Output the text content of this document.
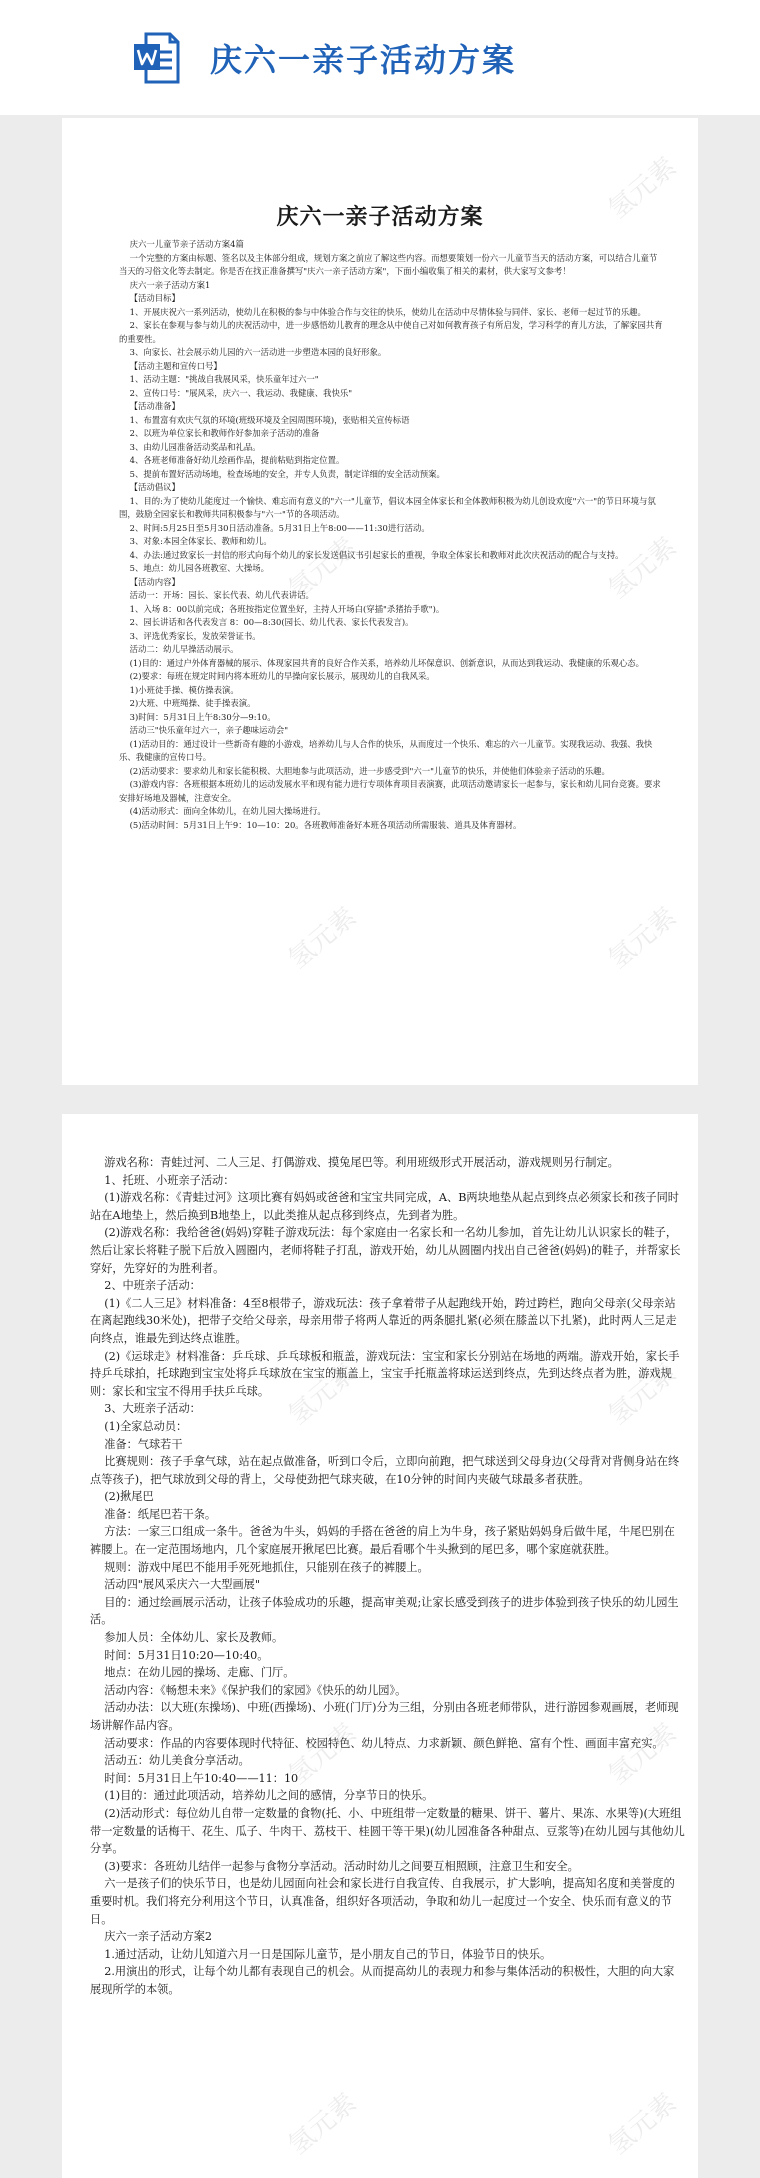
庆六一亲子活动方案
庆六一亲子活动方案

庆六一儿童节亲子活动方案4篇

一个完整的方案由标题、签名以及主体部分组成，规划方案之前应了解这些内容。而想要策划一份六一儿童节当天的活动方案，可以结合儿童节当天的习俗文化等去制定。你是否在找正准备撰写"庆六一亲子活动方案"，下面小编收集了相关的素材，供大家写文参考！

庆六一亲子活动方案1

【活动目标】

1、开展庆祝六一系列活动，使幼儿在积极的参与中体验合作与交往的快乐，使幼儿在活动中尽情体验与同伴、家长、老师一起过节的乐趣。

2、家长在参观与参与幼儿的庆祝活动中，进一步感悟幼儿教育的理念从中使自己对如何教育孩子有所启发，学习科学的育儿方法，了解家园共育的重要性。

3、向家长、社会展示幼儿园的六一活动进一步塑造本园的良好形象。

【活动主题和宣传口号】

1、活动主题："挑战自我展风采，快乐童年过六一"

2、宣传口号："展风采，庆六一、我运动、我健康、我快乐"

【活动准备】

1、布置富有欢庆气氛的环境(班级环境及全园周围环境)，张贴相关宣传标语

2、以班为单位家长和教师作好参加亲子活动的准备

3、由幼儿园准备活动奖品和礼品。

4、各班老师准备好幼儿绘画作品，提前粘贴到指定位置。

5、提前布置好活动场地，检查场地的安全，并专人负责，制定详细的安全活动预案。

【活动倡议】

1、目的:为了使幼儿能度过一个愉快、难忘而有意义的"六一"儿童节，倡议本园全体家长和全体教师积极为幼儿创设欢度"六一"的节日环境与氛围，鼓励全园家长和教师共同积极参与"六一"节的各项活动。

2、时间:5月25日至5月30日活动准备。5月31日上午8:00——11:30进行活动。

3、对象:本园全体家长、教师和幼儿。

4、办法:通过致家长一封信的形式向每个幼儿的家长发送倡议书引起家长的重视，争取全体家长和教师对此次庆祝活动的配合与支持。

5、地点：幼儿园各班教室、大操场。

【活动内容】

活动一：开场：园长、家长代表、幼儿代表讲话。

1、入场 8：00以前完成；各班按指定位置坐好，主持人开场白(穿插"杀猪抬手歌")。

2、园长讲话和各代表发言 8：00—8:30(园长、幼儿代表、家长代表发言)。

3、评选优秀家长，发放荣誉证书。

活动二：幼儿早操活动展示。

(1)目的：通过户外体育器械的展示、体现家园共育的良好合作关系，培养幼儿坏保意识、创新意识，从而达到我运动、我健康的乐观心态。

(2)要求：每班在规定时间内将本班幼儿的早操向家长展示，展现幼儿的自我风采。

1)小班徒手操、模仿操表演。

2)大班、中班绳操、徒手操表演。

3)时间：5月31日上午8:30分—9:10。

活动三"快乐童年过六一，亲子趣味运动会"

(1)活动目的：通过设计一些新奇有趣的小游戏，培养幼儿与人合作的快乐，从而度过一个快乐、难忘的六一儿童节。实现我运动、我强、我快乐、我健康的宣传口号。

(2)活动要求：要求幼儿和家长能积极、大胆地参与此项活动，进一步感受到"六一"儿童节的快乐，并使他们体验亲子活动的乐趣。

(3)游戏内容：各班根据本班幼儿的运动发展水平和现有能力进行专项体育项目表演赛，此项活动邀请家长一起参与，家长和幼儿同台竞赛。要求安排好场地及器械，注意安全。

(4)活动形式：面向全体幼儿，在幼儿园大操场进行。

(5)活动时间：5月31日上午9：10—10：20。各班教师准备好本班各项活动所需服装、道具及体育器材。

氢元素
氢元素	氢元素
氢元素	氢元素

游戏名称：青蛙过河、二人三足、打偶游戏、摸兔尾巴等。利用班级形式开展活动，游戏规则另行制定。

1、托班、小班亲子活动：

(1)游戏名称：《青蛙过河》这项比赛有妈妈或爸爸和宝宝共同完成，A、B两块地垫从起点到终点必须家长和孩子同时站在A地垫上，然后换到B地垫上，以此类推从起点移到终点，先到者为胜。

(2)游戏名称：我给爸爸(妈妈)穿鞋子游戏玩法：每个家庭由一名家长和一名幼儿参加，首先让幼儿认识家长的鞋子，然后让家长将鞋子脱下后放入圆圈内，老师将鞋子打乱，游戏开始，幼儿从圆圈内找出自己爸爸(妈妈)的鞋子，并帮家长穿好，先穿好的为胜利者。

2、中班亲子活动：

(1)《二人三足》材料准备：4至8根带子，游戏玩法：孩子拿着带子从起跑线开始，跨过跨栏，跑向父母亲(父母亲站在离起跑线30米处)，把带子交给父母亲，母亲用带子将两人靠近的两条腿扎紧(必须在膝盖以下扎紧)，此时两人三足走向终点，谁最先到达终点谁胜。

(2)《运球走》材料准备：乒乓球、乒乓球板和瓶盖，游戏玩法：宝宝和家长分别站在场地的两端。游戏开始，家长手持乒乓球拍，托球跑到宝宝处将乒乓球放在宝宝的瓶盖上，宝宝手托瓶盖将球运送到终点，先到达终点者为胜，游戏规则：家长和宝宝不得用手扶乒乓球。

3、大班亲子活动：

(1)全家总动员：

准备：气球若干

比赛规则：孩子手拿气球，站在起点做准备，听到口令后，立即向前跑，把气球送到父母身边(父母背对背侧身站在终点等孩子)，把气球放到父母的背上，父母使劲把气球夹破，在10分钟的时间内夹破气球最多者获胜。

(2)揪尾巴

准备：纸尾巴若干条。

方法：一家三口组成一条牛。爸爸为牛头，妈妈的手搭在爸爸的肩上为牛身，孩子紧贴妈妈身后做牛尾，牛尾巴别在裤腰上。在一定范围场地内，几个家庭展开揪尾巴比赛。最后看哪个牛头揪到的尾巴多，哪个家庭就获胜。

规则：游戏中尾巴不能用手死死地抓住，只能别在孩子的裤腰上。

活动四"展风采庆六一大型画展"

目的：通过绘画展示活动，让孩子体验成功的乐趣，提高审美观;让家长感受到孩子的进步体验到孩子快乐的幼儿园生活。

参加人员：全体幼儿、家长及教师。

时间：5月31日10:20—10:40。

地点：在幼儿园的操场、走廊、门厅。

活动内容：《畅想未来》《保护我们的家园》《快乐的幼儿园》。

活动办法：以大班(东操场)、中班(西操场)、小班(门厅)分为三组，分别由各班老师带队，进行游园参观画展，老师现场讲解作品内容。

活动要求：作品的内容要体现时代特征、校园特色、幼儿特点、力求新颖、颜色鲜艳、富有个性、画面丰富充实。

活动五：幼儿美食分享活动。

时间：5月31日上午10:40——11：10

(1)目的：通过此项活动，培养幼儿之间的感情，分享节日的快乐。

(2)活动形式：每位幼儿自带一定数量的食物(托、小、中班组带一定数量的糖果、饼干、薯片、果冻、水果等)(大班组带一定数量的话梅干、花生、瓜子、牛肉干、荔枝干、桂圆干等干果)(幼儿园准备各种甜点、豆浆等)在幼儿园与其他幼儿分享。

(3)要求：各班幼儿结伴一起参与食物分享活动。活动时幼儿之间要互相照顾，注意卫生和安全。

六一是孩子们的快乐节日，也是幼儿园面向社会和家长进行自我宣传、自我展示，扩大影响，提高知名度和美誉度的重要时机。我们将充分利用这个节日，认真准备，组织好各项活动，争取和幼儿一起度过一个安全、快乐而有意义的节日。

庆六一亲子活动方案2

1.通过活动，让幼儿知道六月一日是国际儿童节，是小朋友自己的节日，体验节日的快乐。

2.用演出的形式，让每个幼儿都有表现自己的机会。从而提高幼儿的表现力和参与集体活动的积极性，大胆的向大家展现所学的本领。

氢元素	氢元素
氢元素	氢元素
氢元素	氢元素
